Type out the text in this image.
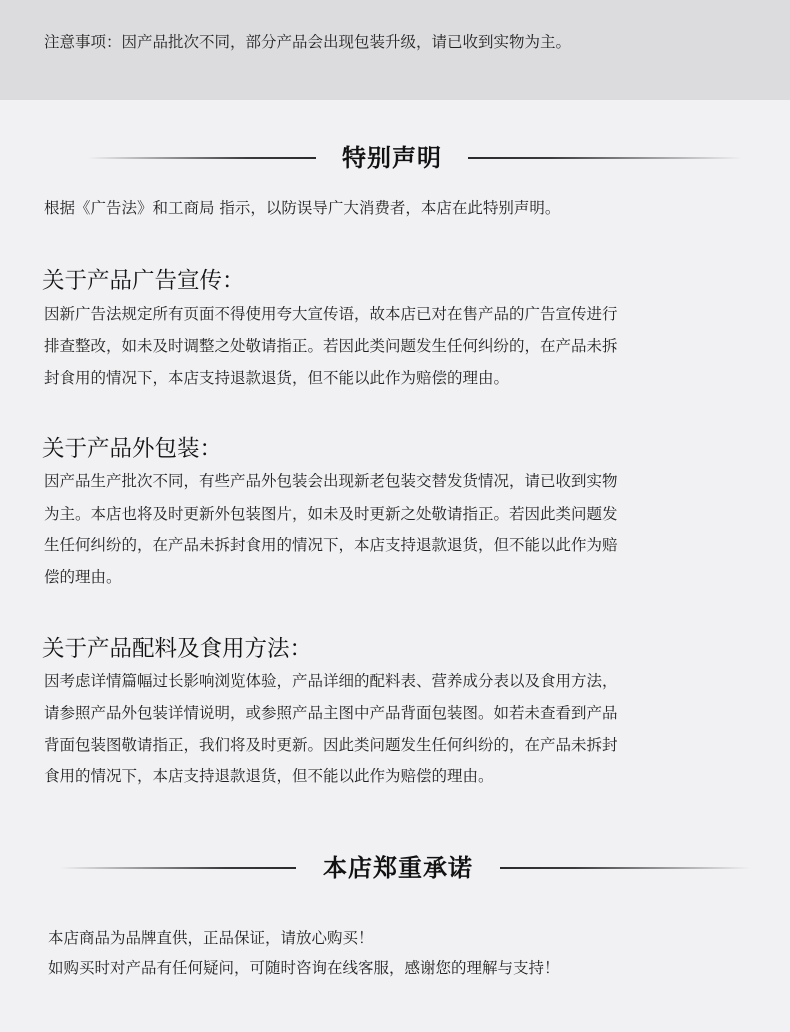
注意事项：因产品批次不同，部分产品会出现包装升级，请已收到实物为主。
特别声明

根据《广告法》和工商局 指示，以防误导广大消费者，本店在此特别声明。

关于产品广告宣传：

因新广告法规定所有页面不得使用夸大宣传语，故本店已对在售产品的广告宣传进行

排查整改，如未及时调整之处敬请指正。若因此类问题发生任何纠纷的，在产品未拆

封食用的情况下，本店支持退款退货，但不能以此作为赔偿的理由。

关于产品外包装：

因产品生产批次不同，有些产品外包装会出现新老包装交替发货情况，请已收到实物

为主。本店也将及时更新外包装图片，如未及时更新之处敬请指正。若因此类问题发

生任何纠纷的，在产品未拆封食用的情况下，本店支持退款退货，但不能以此作为赔

偿的理由。

关于产品配料及食用方法：

因考虑详情篇幅过长影响浏览体验，产品详细的配料表、营养成分表以及食用方法，

请参照产品外包装详情说明，或参照产品主图中产品背面包装图。如若未查看到产品

背面包装图敬请指正，我们将及时更新。因此类问题发生任何纠纷的，在产品未拆封

食用的情况下，本店支持退款退货，但不能以此作为赔偿的理由。

本店郑重承诺

本店商品为品牌直供，正品保证，请放心购买！

如购买时对产品有任何疑问，可随时咨询在线客服，感谢您的理解与支持！
